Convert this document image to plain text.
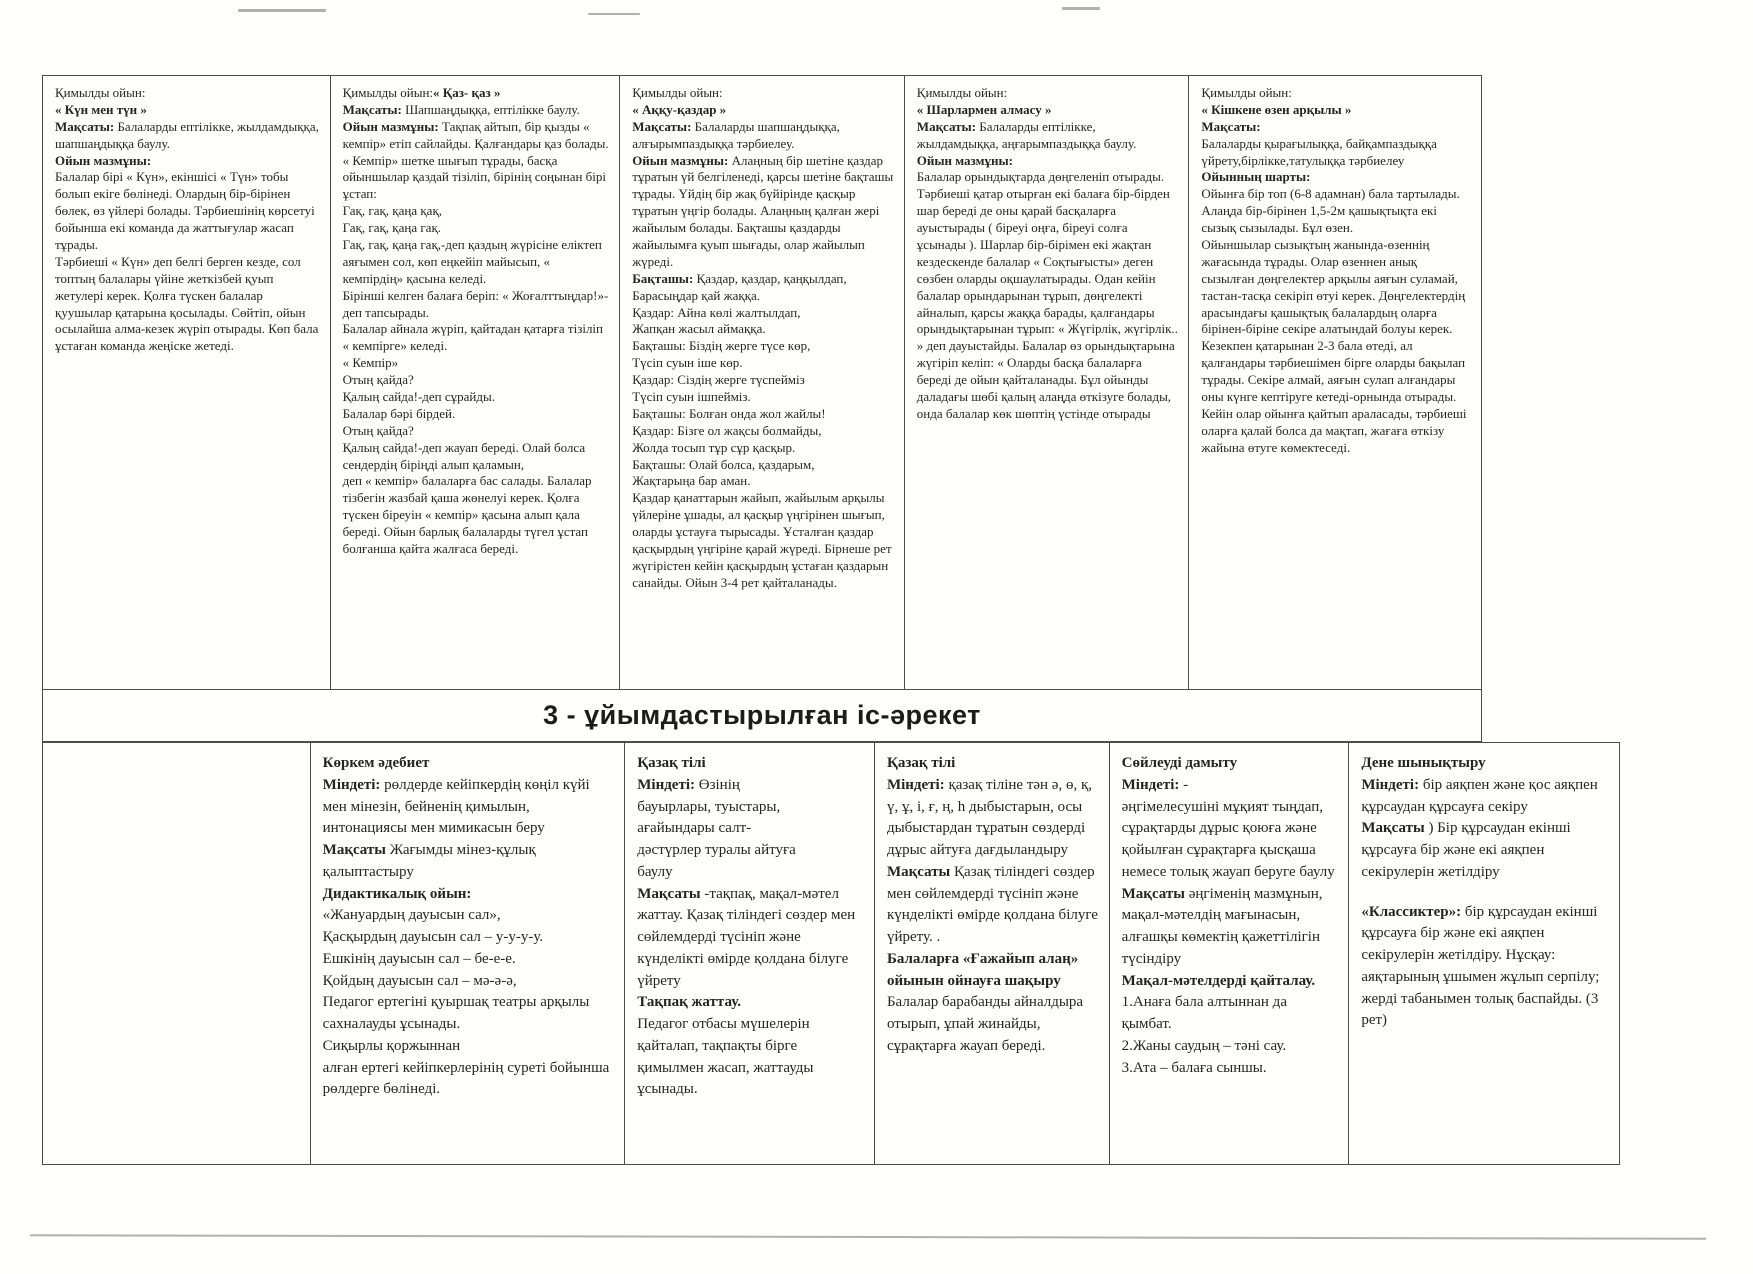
Қимылды ойын:

« Күн мен түн »

Мақсаты: Балаларды ептілікке, жылдамдыққа, шапшаңдыққа баулу.

Ойын мазмұны:

Балалар бірі « Күн», екіншісі « Түн» тобы болып екіге бөлінеді. Олардың бір-бірінен бөлек, өз үйлері болады. Тәрбиешінің көрсетуі бойынша екі команда да жаттығулар жасап тұрады.

Тәрбиеші « Күн» деп белгі берген кезде, сол топтың балалары үйіне жеткізбей қуып жетулері керек. Қолға түскен балалар қуушылар қатарына қосылады. Сөйтіп, ойын осылайша алма-кезек жүріп отырады. Көп бала ұстаған команда жеңіске жетеді.

Қимылды ойын:« Қаз- қаз »

Мақсаты: Шапшаңдыққа, ептілікке баулу.

Ойын мазмұны: Тақпақ айтып, бір қызды « кемпір» етіп сайлайды. Қалғандары қаз болады. « Кемпір» шетке шығып тұрады, басқа ойыншылар қаздай тізіліп, бірінің соңынан бірі ұстап:

Гақ, гақ, қаңа қақ,

Гақ, гақ, қаңа гақ.

Гақ, гақ, қаңа гақ,-деп қаздың жүрісіне еліктеп аяғымен сол, көп еңкейіп майысып, « кемпірдің» қасына келеді.

Бірінші келген балаға беріп: « Жоғалттыңдар!»-деп тапсырады.

Балалар айнала жүріп, қайтадан қатарға тізіліп « кемпірге» келеді.

« Кемпір»

Отың қайда?

Қалың сайда!-деп сұрайды.

Балалар бәрі бірдей.

Отың қайда?

Қалың сайда!-деп жауап береді. Олай болса сендердің біріңді алып қаламын,

деп « кемпір» балаларға бас салады. Балалар тізбегін жазбай қаша жөнелуі керек. Қолға түскен біреуін « кемпір» қасына алып қала береді. Ойын барлық балаларды түгел ұстап болғанша қайта жалғаса береді.

Қимылды ойын:

« Аққу-қаздар »

Мақсаты: Балаларды шапшаңдыққа, алғырымпаздыққа тәрбиелеу.

Ойын мазмұны: Алаңның бір шетіне қаздар тұратын үй белгіленеді, қарсы шетіне бақташы тұрады. Үйдің бір жақ бүйірінде қасқыр тұратын үңгір болады. Алаңның қалған жері жайылым болады. Бақташы қаздарды жайылымға қуып шығады, олар жайылып жүреді.

Бақташы: Қаздар, қаздар, қаңқылдап,

Барасыңдар қай жаққа.

Қаздар: Айна көлі жалтылдап,

Жапқан жасыл аймаққа.

Бақташы: Біздің жерге түсе көр,

Түсіп суын іше көр.

Қаздар: Сіздің жерге түспейміз

Түсіп суын ішпейміз.

Бақташы: Болған онда жол жайлы!

Қаздар: Бізге ол жақсы болмайды,

Жолда тосып тұр сұр қасқыр.

Бақташы: Олай болса, қаздарым,

Жақтарыңа бар аман.

Қаздар қанаттарын жайып, жайылым арқылы үйлеріне ұшады, ал қасқыр үңгірінен шығып, оларды ұстауға тырысады. Ұсталған қаздар қасқырдың үңгіріне қарай жүреді. Бірнеше рет жүгірістен кейін қасқырдың ұстаған қаздарын санайды. Ойын 3-4 рет қайталанады.

Қимылды ойын:

« Шарлармен алмасу »

Мақсаты: Балаларды ептілікке, жылдамдыққа, аңғарымпаздыққа баулу.

Ойын мазмұны:

Балалар орындықтарда дөңгеленіп отырады. Тәрбиеші қатар отырған екі балаға бір-бірден шар береді де оны қарай басқаларға ауыстырады ( біреуі оңға, біреуі солға ұсынады ). Шарлар бір-бірімен екі жақтан кездескенде балалар « Соқтығысты» деген сөзбен оларды оқшаулатырады. Одан кейін балалар орындарынан тұрып, дөңгелекті айналып, қарсы жаққа барады, қалғандары орындықтарынан тұрып: « Жүгірлік, жүгірлік.. » деп дауыстайды. Балалар өз орындықтарына жүгіріп келіп: « Оларды басқа балаларға береді де ойын қайталанады. Бұл ойынды даладағы шөбі қалың алаңда өткізуге болады, онда балалар көк шөптің үстінде отырады

Қимылды ойын:

« Кішкене өзен арқылы »

Мақсаты:

Балаларды қырағылыққа, байқампаздыққа үйрету,бірлікке,татулыққа тәрбиелеу

Ойынның шарты:

Ойынға бір топ (6-8 адамнан) бала тартылады. Алаңда бір-бірінен 1,5-2м қашықтықта екі сызық сызылады. Бұл өзен.

Ойыншылар сызықтың жанында-өзеннің жағасында тұрады. Олар өзеннен анық сызылған дөңгелектер арқылы аяғын суламай, тастан-тасқа секіріп өтуі керек. Дөңгелектердің арасындағы қашықтық балалардың оларға бірінен-біріне секіре алатындай болуы керек. Кезекпен қатарынан 2-3 бала өтеді, ал қалғандары тәрбиешімен бірге оларды бақылап тұрады. Секіре алмай, аяғын сулап алғандары оны күнге кептіруге кетеді-орнында отырады. Кейін олар ойынға қайтып араласады, тәрбиеші оларға қалай болса да мақтап, жағаға өткізу жайына өтуге көмектеседі.

3 - ұйымдастырылған іс-әрекет

Көркем әдебиет

Міндеті: рөлдерде кейіпкердің көңіл күйі мен мінезін, бейненің қимылын, интонациясы мен мимикасын беру

Мақсаты Жағымды мінез-құлық қалыптастыру

Дидактикалық ойын:

«Жануардың дауысын сал»,

Қасқырдың дауысын сал – у-у-у-у.

Ешкінің дауысын сал – бе-е-е.

Қойдың дауысын сал – мә-ә-ә,

Педагог ертегіні қуыршақ театры арқылы сахналауды ұсынады.

Сиқырлы қоржыннан

алған ертегі кейіпкерлерінің суреті бойынша рөлдерге бөлінеді.

Қазақ тілі

Міндеті: Өзінің

бауырлары, туыстары,

ағайындары салт-

дәстүрлер туралы айтуға

баулу

Мақсаты -тақпақ, мақал-мәтел жаттау. Қазақ тіліндегі сөздер мен сөйлемдерді түсініп және күнделікті өмірде қолдана білуге үйрету

Тақпақ жаттау.

Педагог отбасы мүшелерін қайталап, тақпақты бірге қимылмен жасап, жаттауды ұсынады.

Қазақ тілі

Міндеті: қазақ тіліне тән ә, ө, қ, ү, ұ, і, ғ, ң, h дыбыстарын, осы дыбыстардан тұратын сөздерді дұрыс айтуға дағдыландыру

Мақсаты Қазақ тіліндегі сөздер мен сөйлемдерді түсініп және күнделікті өмірде қолдана білуге үйрету. .

Балаларға «Ғажайып алаң» ойынын ойнауға шақыру

Балалар барабанды айналдыра отырып, ұпай жинайды, сұрақтарға жауап береді.

Сөйлеуді дамыту

Міндеті: -

әңгімелесушіні мұқият тыңдап, сұрақтарды дұрыс қоюға және қойылған сұрақтарға қысқаша немесе толық жауап беруге баулу

Мақсаты әңгіменің мазмұнын, мақал-мәтелдің мағынасын, алғашқы көмектің қажеттілігін түсіндіру

Мақал-мәтелдерді қайталау.

1.Анаға бала алтыннан да қымбат.

2.Жаны саудың – тәні сау.

3.Ата – балаға сыншы.

Дене шынықтыру

Міндеті: бір аяқпен және қос аяқпен құрсаудан құрсауға секіру

Мақсаты ) Бір құрсаудан екінші құрсауға бір және екі аяқпен секірулерін жетілдіру

«Классиктер»: бір құрсаудан екінші құрсауға бір және екі аяқпен секірулерін жетілдіру. Нұсқау: аяқтарының ұшымен жұлып серпілу; жерді табанымен толық баспайды. (3 рет)
